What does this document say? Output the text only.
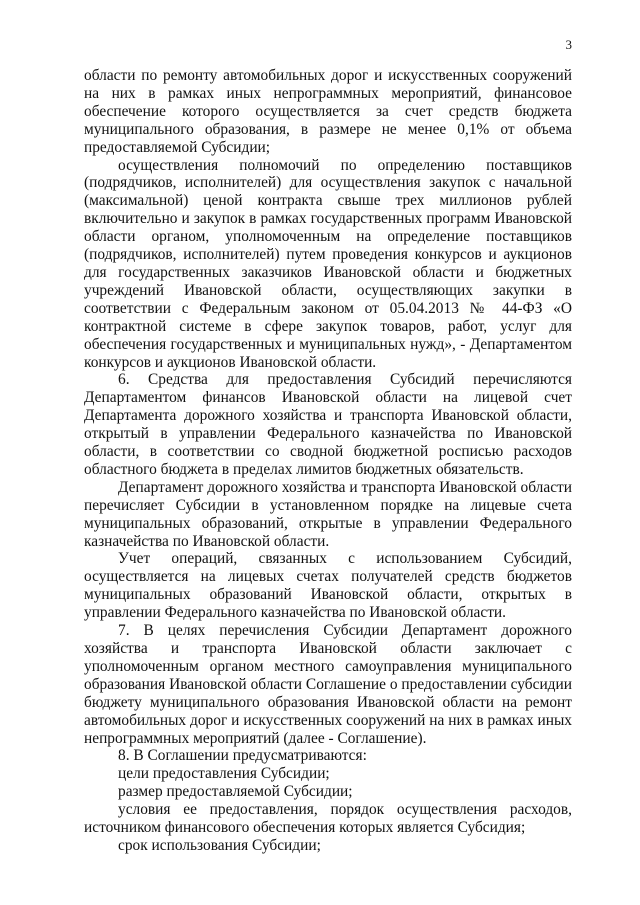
3

области по ремонту автомобильных дорог и искусственных сооружений на них в рамках иных непрограммных мероприятий, финансовое обеспечение которого осуществляется за счет средств бюджета муниципального образования, в размере не менее 0,1% от объема предоставляемой Субсидии;

осуществления полномочий по определению поставщиков (подрядчиков, исполнителей) для осуществления закупок с начальной (максимальной) ценой контракта свыше трех миллионов рублей включительно и закупок в рамках государственных программ Ивановской области органом, уполномоченным на определение поставщиков (подрядчиков, исполнителей) путем проведения конкурсов и аукционов для государственных заказчиков Ивановской области и бюджетных учреждений Ивановской области, осуществляющих закупки в соответствии с Федеральным законом от 05.04.2013 № 44-ФЗ «О контрактной системе в сфере закупок товаров, работ, услуг для обеспечения государственных и муниципальных нужд», - Департаментом конкурсов и аукционов Ивановской области.

6. Средства для предоставления Субсидий перечисляются Департаментом финансов Ивановской области на лицевой счет Департамента дорожного хозяйства и транспорта Ивановской области, открытый в управлении Федерального казначейства по Ивановской области, в соответствии со сводной бюджетной росписью расходов областного бюджета в пределах лимитов бюджетных обязательств.

Департамент дорожного хозяйства и транспорта Ивановской области перечисляет Субсидии в установленном порядке на лицевые счета муниципальных образований, открытые в управлении Федерального казначейства по Ивановской области.

Учет операций, связанных с использованием Субсидий, осуществляется на лицевых счетах получателей средств бюджетов муниципальных образований Ивановской области, открытых в управлении Федерального казначейства по Ивановской области.

7. В целях перечисления Субсидии Департамент дорожного хозяйства и транспорта Ивановской области заключает с уполномоченным органом местного самоуправления муниципального образования Ивановской области Соглашение о предоставлении субсидии бюджету муниципального образования Ивановской области на ремонт автомобильных дорог и искусственных сооружений на них в рамках иных непрограммных мероприятий (далее - Соглашение).

8. В Соглашении предусматриваются:

цели предоставления Субсидии;

размер предоставляемой Субсидии;

условия ее предоставления, порядок осуществления расходов, источником финансового обеспечения которых является Субсидия;

срок использования Субсидии;
